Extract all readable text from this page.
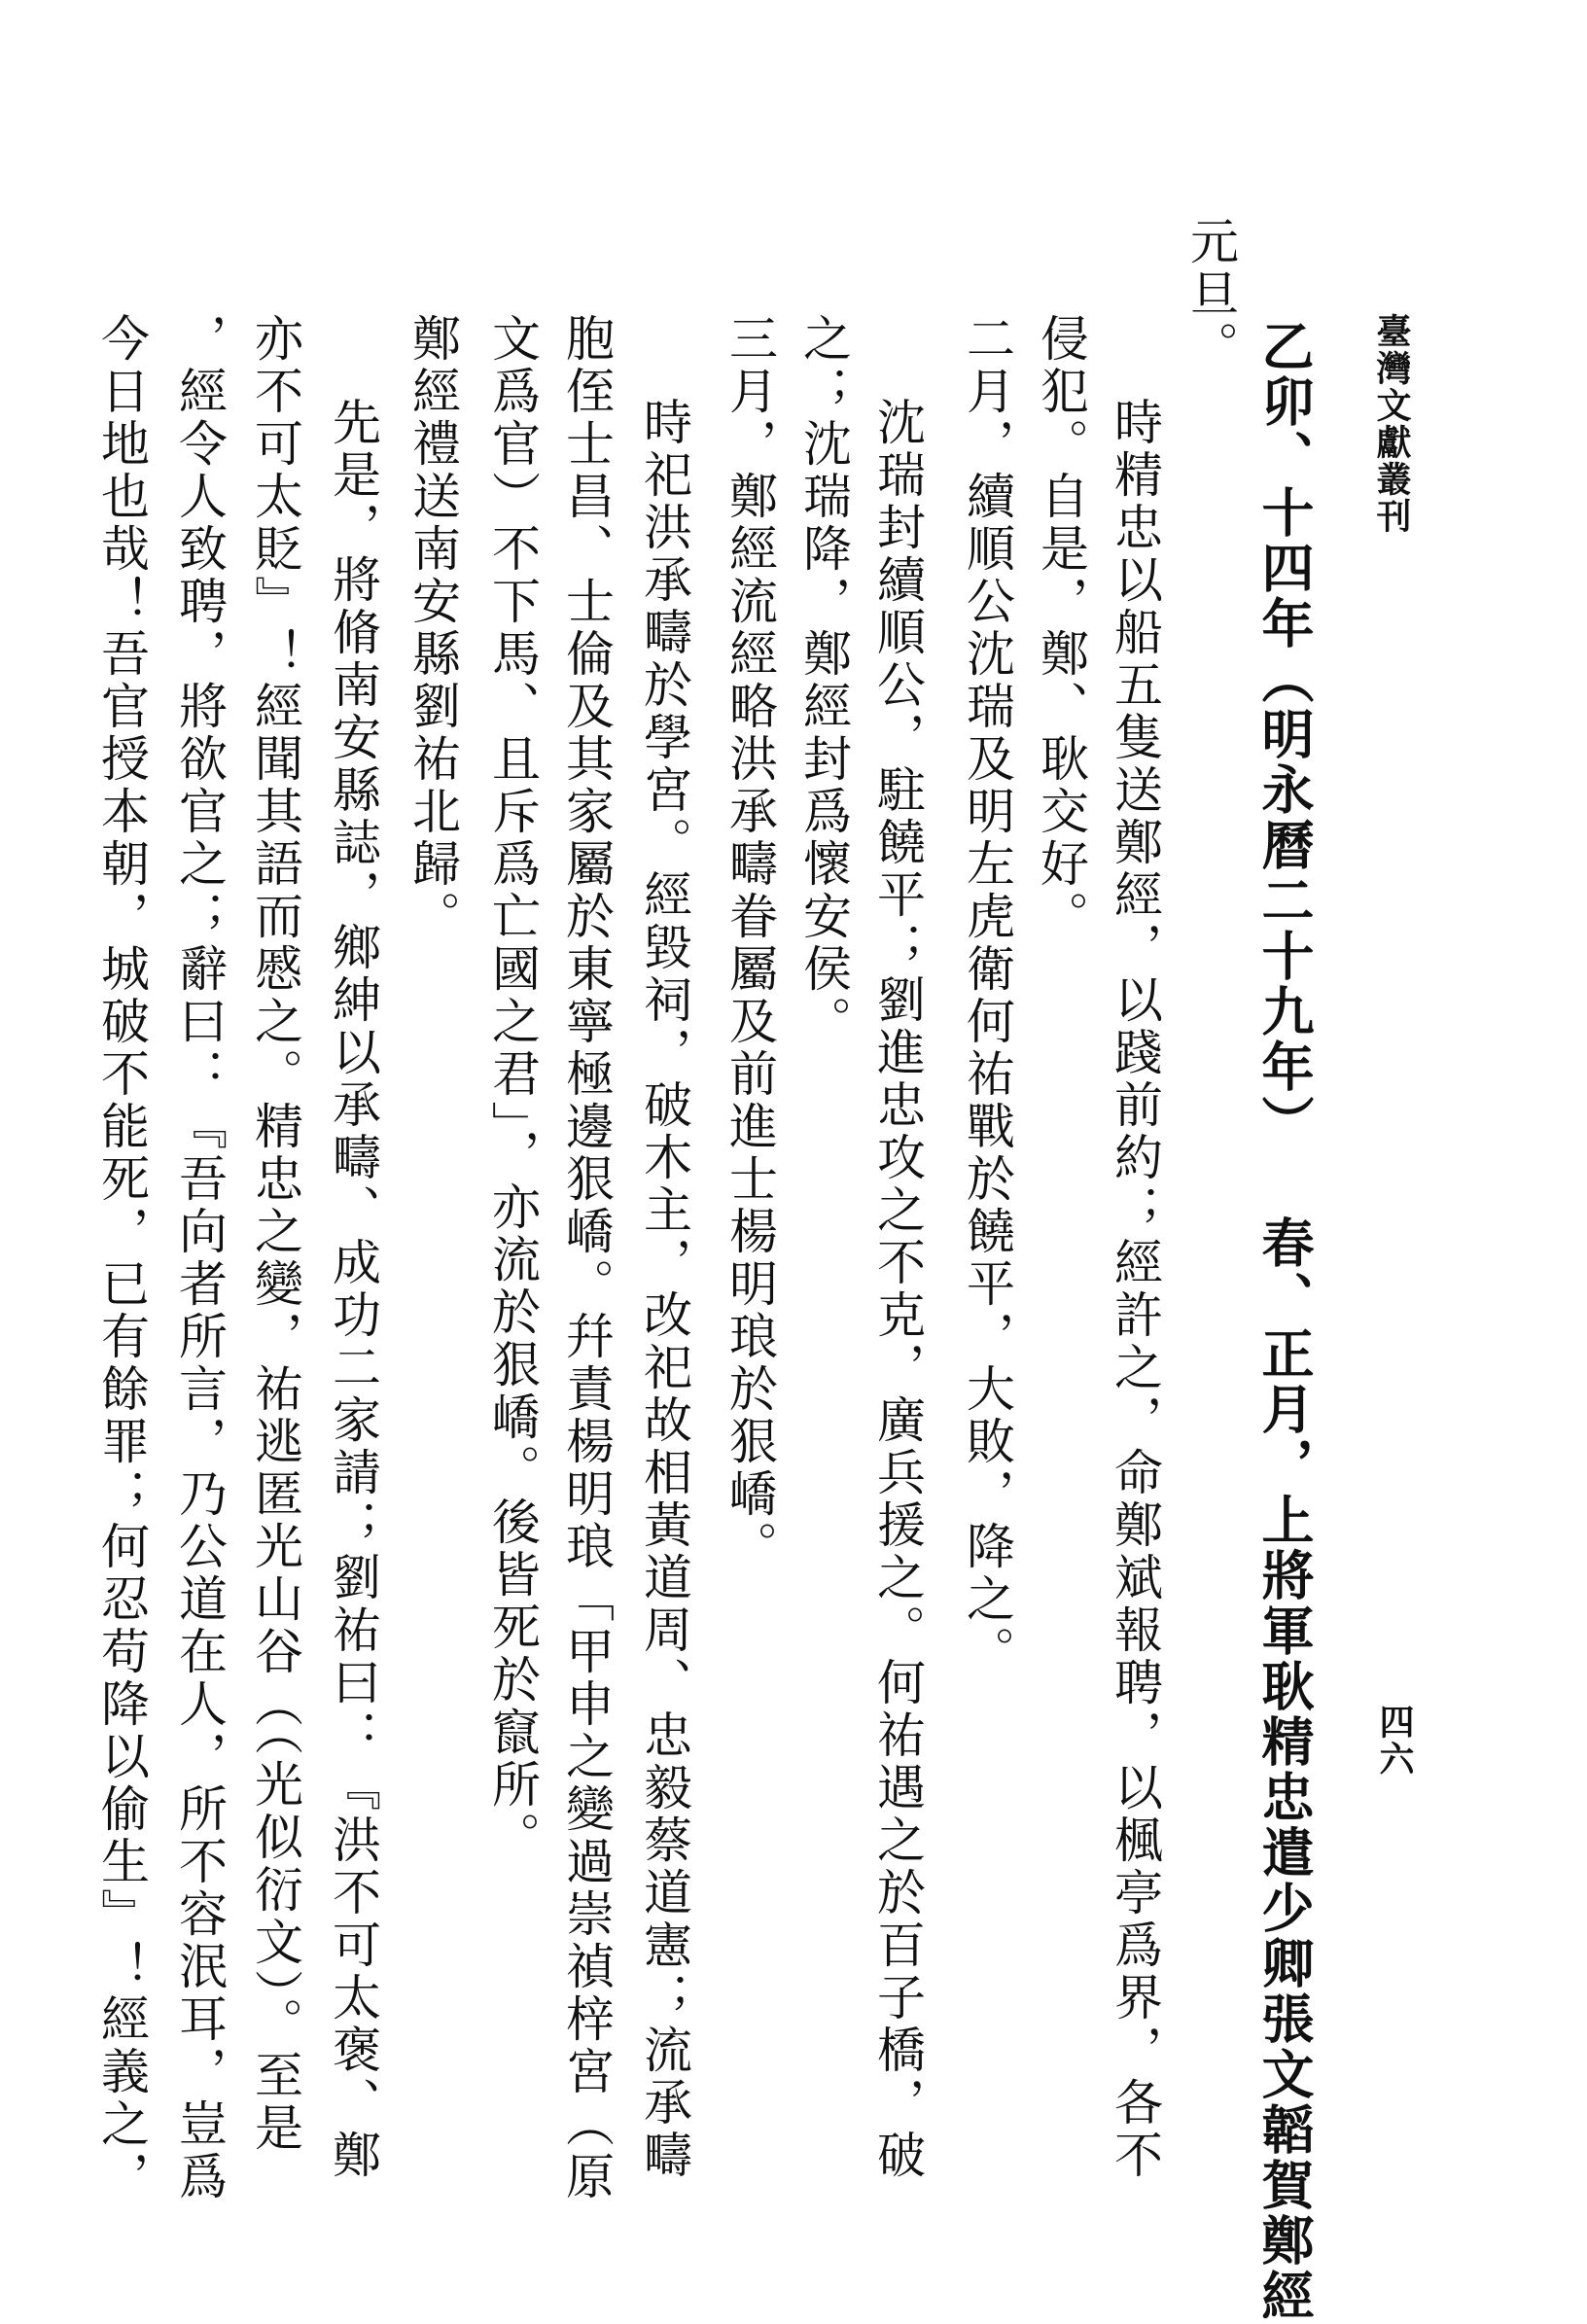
臺灣文獻叢刊
四六
乙卯、十四年（明永曆二十九年） 春、正月，上將軍耿精忠遣少卿張文韜賀鄭經
元旦。
時精忠以船五隻送鄭經，以踐前約；經許之，命鄭斌報聘，以楓亭爲界，各不
侵犯。自是，鄭、耿交好。
二月，續順公沈瑞及明左虎衛何祐戰於饒平，大敗，降之。
沈瑞封續順公，駐饒平；劉進忠攻之不克，廣兵援之。何祐遇之於百子橋，破
之；沈瑞降，鄭經封爲懷安侯。
三月，鄭經流經略洪承疇眷屬及前進士楊明琅於狠嶠。
時祀洪承疇於學宮。經毀祠，破木主，改祀故相黃道周、忠毅蔡道憲；流承疇
胞侄士昌、士倫及其家屬於東寧極邊狠嶠。幷責楊明琅「甲申之變過崇禎梓宮（原
文爲官）不下馬、且斥爲亡國之君」，亦流於狠嶠。後皆死於竄所。
鄭經禮送南安縣劉祐北歸。
先是，將脩南安縣誌，鄉紳以承疇、成功二家請；劉祐曰：『洪不可太褒、鄭
亦不可太貶』！經聞其語而慼之。精忠之變，祐逃匿光山谷（（光似衍文）。至是
，經令人致聘，將欲官之；辭曰：『吾向者所言，乃公道在人，所不容泯耳，豈爲
今日地也哉！吾官授本朝，城破不能死，已有餘罪；何忍苟降以偷生』！經義之，
